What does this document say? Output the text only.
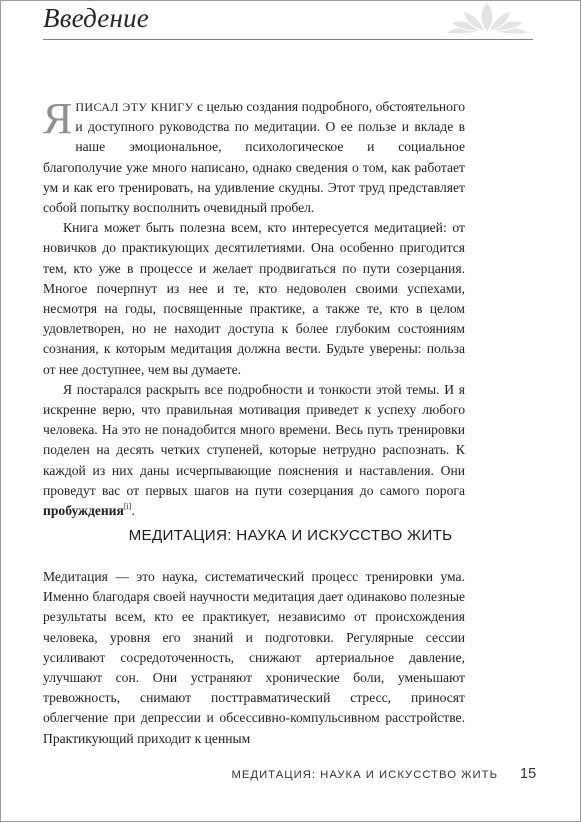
Введение

ЯПИСАЛ ЭТУ КНИГУ с целью создания подробного, обстоятельного и доступного руководства по медитации. О ее пользе и вкладе в наше эмоциональное, психологическое и социальное благополучие уже много написано, однако сведения о том, как работает ум и как его тренировать, на удивление скудны. Этот труд представляет собой попытку восполнить очевидный пробел.

Книга может быть полезна всем, кто интересуется медитацией: от новичков до практикующих десятилетиями. Она особенно пригодится тем, кто уже в процессе и желает продвигаться по пути созерцания. Многое почерпнут из нее и те, кто недоволен своими успехами, несмотря на годы, посвященные практике, а также те, кто в целом удовлетворен, но не находит доступа к более глубоким состояниям сознания, к которым медитация должна вести. Будьте уверены: польза от нее доступнее, чем вы думаете.

Я постарался раскрыть все подробности и тонкости этой темы. И я искренне верю, что правильная мотивация приведет к успеху любого человека. На это не понадобится много времени. Весь путь тренировки поделен на десять четких ступеней, которые нетрудно распознать. К каждой из них даны исчерпывающие пояснения и наставления. Они проведут вас от первых шагов на пути созерцания до самого порога пробуждения[i].

МЕДИТАЦИЯ: НАУКА И ИСКУССТВО ЖИТЬ

Медитация — это наука, систематический процесс тренировки ума. Именно благодаря своей научности медитация дает одинаково полезные результаты всем, кто ее практикует, независимо от происхождения человека, уровня его знаний и подготовки. Регулярные сессии усиливают сосредоточенность, снижают артериальное давление, улучшают сон. Они устраняют хронические боли, уменьшают тревожность, снимают посттравматический стресс, приносят облегчение при депрессии и обсессивно-компульсивном расстройстве. Практикующий приходит к ценным

МЕДИТАЦИЯ: НАУКА И ИСКУССТВО ЖИТЬ 15
